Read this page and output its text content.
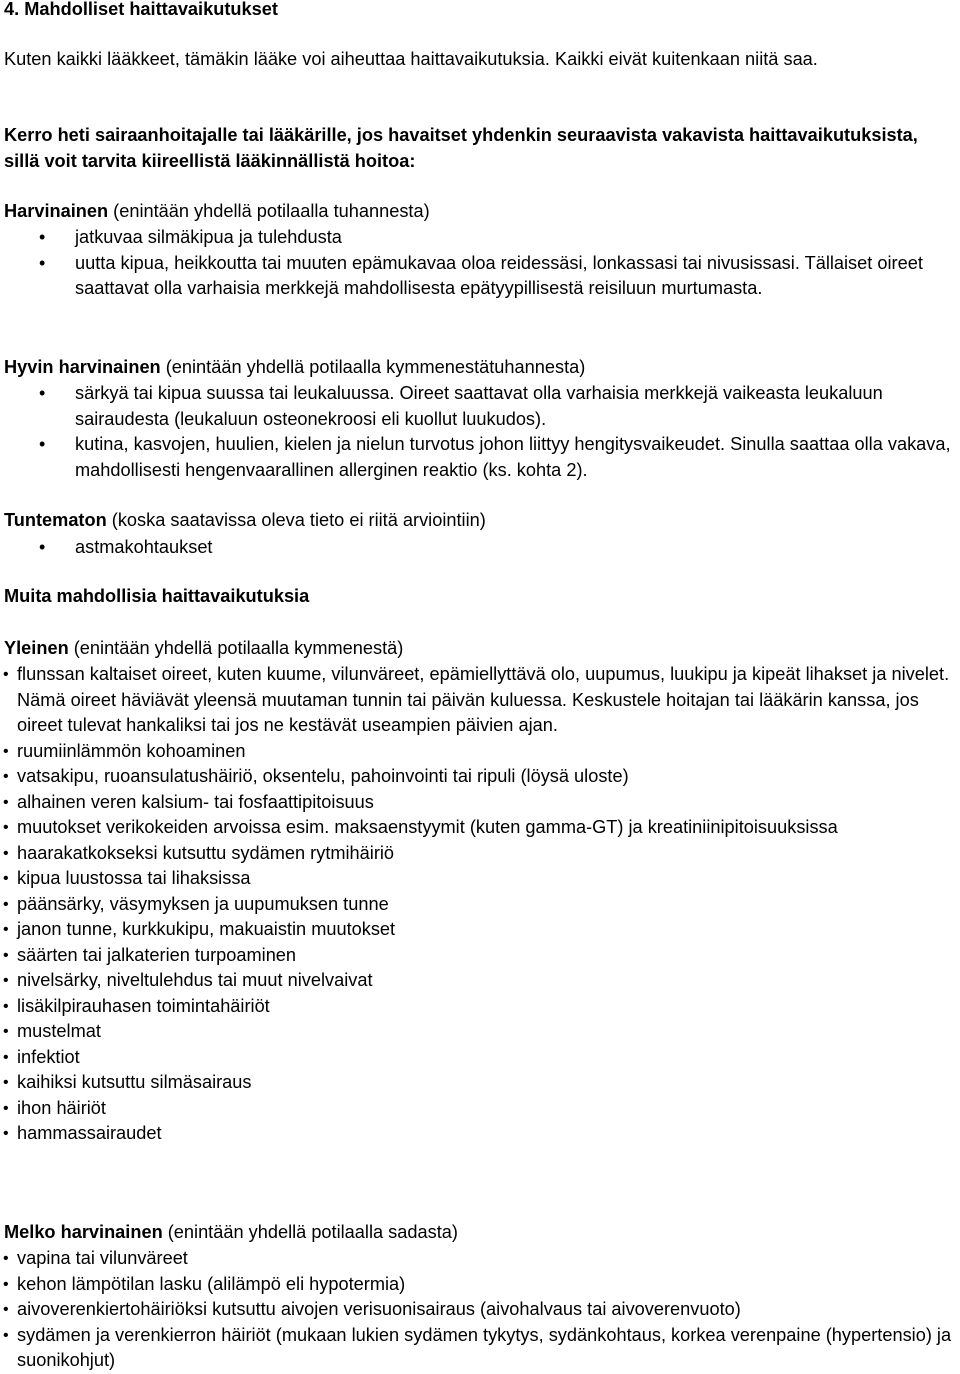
4. Mahdolliset haittavaikutukset

Kuten kaikki lääkkeet, tämäkin lääke voi aiheuttaa haittavaikutuksia. Kaikki eivät kuitenkaan niitä saa.

Kerro heti sairaanhoitajalle tai lääkärille, jos havaitset yhdenkin seuraavista vakavista haittavaikutuksista, sillä voit tarvita kiireellistä lääkinnällistä hoitoa:

Harvinainen (enintään yhdellä potilaalla tuhannesta)

• jatkuvaa silmäkipua ja tulehdusta
• uutta kipua, heikkoutta tai muuten epämukavaa oloa reidessäsi, lonkassasi tai nivusissasi. Tällaiset oireet saattavat olla varhaisia merkkejä mahdollisesta epätyypillisestä reisiluun murtumasta.

Hyvin harvinainen (enintään yhdellä potilaalla kymmenestätuhannesta)

• särkyä tai kipua suussa tai leukaluussa. Oireet saattavat olla varhaisia merkkejä vaikeasta leukaluun sairaudesta (leukaluun osteonekroosi eli kuollut luukudos).
• kutina, kasvojen, huulien, kielen ja nielun turvotus johon liittyy hengitysvaikeudet. Sinulla saattaa olla vakava, mahdollisesti hengenvaarallinen allerginen reaktio (ks. kohta 2).

Tuntematon (koska saatavissa oleva tieto ei riitä arviointiin)

• astmakohtaukset

Muita mahdollisia haittavaikutuksia

Yleinen (enintään yhdellä potilaalla kymmenestä)

• flunssan kaltaiset oireet, kuten kuume, vilunväreet, epämiellyttävä olo, uupumus, luukipu ja kipeät lihakset ja nivelet. Nämä oireet häviävät yleensä muutaman tunnin tai päivän kuluessa. Keskustele hoitajan tai lääkärin kanssa, jos oireet tulevat hankaliksi tai jos ne kestävät useampien päivien ajan.
• ruumiinlämmön kohoaminen
• vatsakipu, ruoansulatushäiriö, oksentelu, pahoinvointi tai ripuli (löysä uloste)
• alhainen veren kalsium- tai fosfaattipitoisuus
• muutokset verikokeiden arvoissa esim. maksaenstyymit (kuten gamma-GT) ja kreatiniinipitoisuuksissa
• haarakatkokseksi kutsuttu sydämen rytmihäiriö
• kipua luustossa tai lihaksissa
• päänsärky, väsymyksen ja uupumuksen tunne
• janon tunne, kurkkukipu, makuaistin muutokset
• säärten tai jalkaterien turpoaminen
• nivelsärky, niveltulehdus tai muut nivelvaivat
• lisäkilpirauhasen toimintahäiriöt
• mustelmat
• infektiot
• kaihiksi kutsuttu silmäsairaus
• ihon häiriöt
• hammassairaudet

Melko harvinainen (enintään yhdellä potilaalla sadasta)

• vapina tai vilunväreet
• kehon lämpötilan lasku (alilämpö eli hypotermia)
• aivoverenkiertohäiriöksi kutsuttu aivojen verisuonisairaus (aivohalvaus tai aivoverenvuoto)
• sydämen ja verenkierron häiriöt (mukaan lukien sydämen tykytys, sydänkohtaus, korkea verenpaine (hypertensio) ja suonikohjut)
